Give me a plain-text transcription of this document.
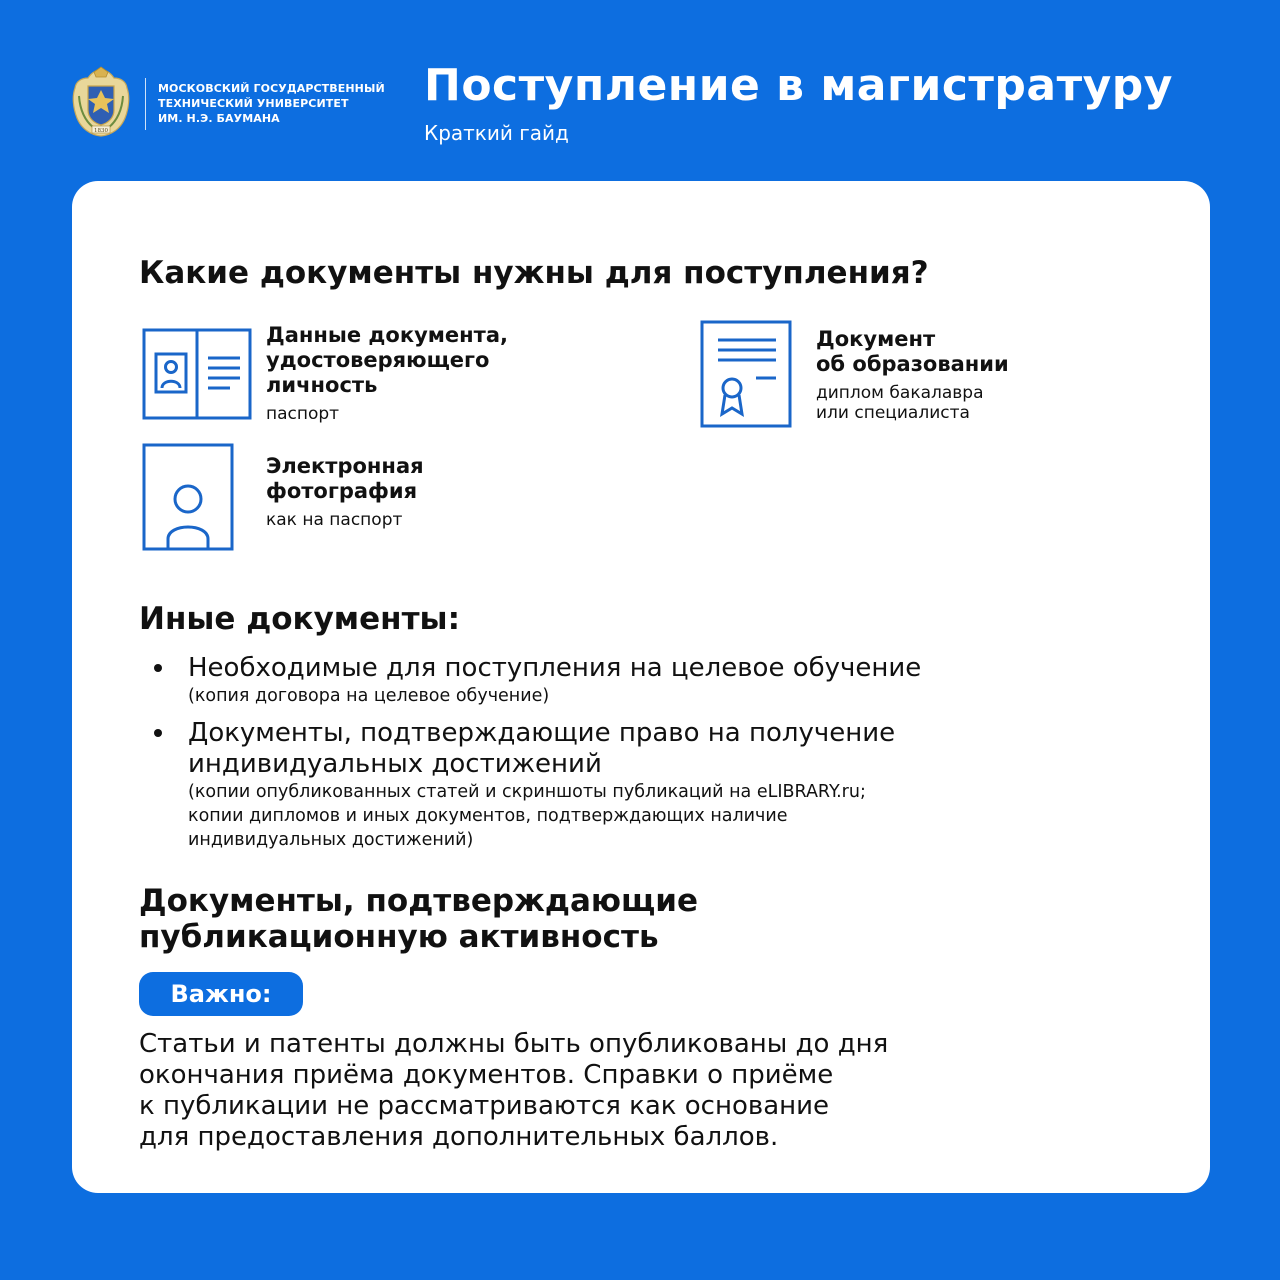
1830
МОСКОВСКИЙ ГОСУДАРСТВЕННЫЙ
ТЕХНИЧЕСКИЙ УНИВЕРСИТЕТ
ИМ. Н.Э. БАУМАНА
Поступление в магистратуру
Краткий гайд
Какие документы нужны для поступления?
Данные документа,
удостоверяющего
личность
паспорт
Документ
об образовании
диплом бакалавра
или специалиста
Электронная
фотография
как на паспорт
Иные документы:
Необходимые для поступления на целевое обучение
(копия договора на целевое обучение)
Документы, подтверждающие право на получение
индивидуальных достижений
(копии опубликованных статей и скриншоты публикаций на eLIBRARY.ru;
копии дипломов и иных документов, подтверждающих наличие
индивидуальных достижений)
Документы, подтверждающие
публикационную активность
Важно:
Статьи и патенты должны быть опубликованы до дня
окончания приёма документов. Справки о приёме
к публикации не рассматриваются как основание
для предоставления дополнительных баллов.
